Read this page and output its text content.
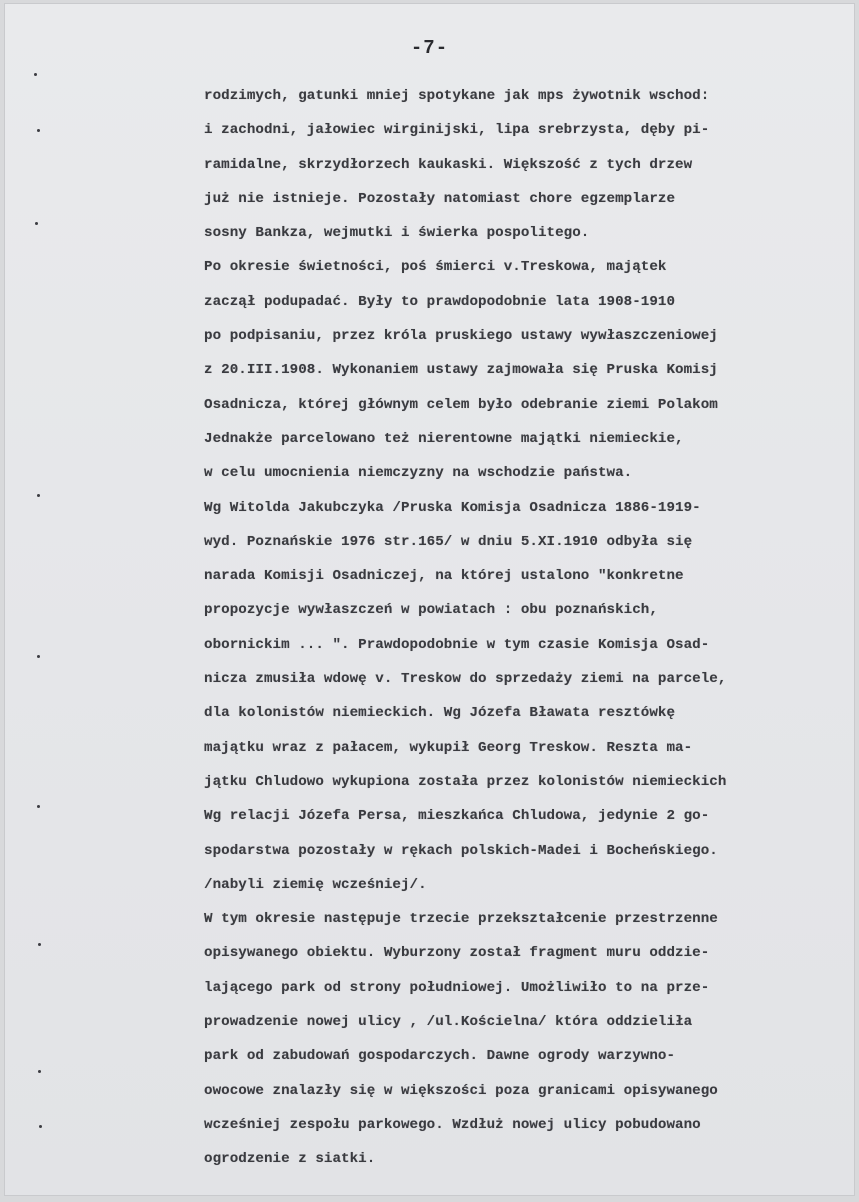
-7-
rodzimych, gatunki mniej spotykane jak mps żywotnik wschod:
i zachodni, jałowiec wirginijski, lipa srebrzysta, dęby pi-
ramidalne, skrzydłorzech kaukaski. Większość z tych drzew
już nie istnieje. Pozostały natomiast chore egzemplarze
sosny Bankza, wejmutki i świerka pospolitego.
Po okresie świetności, poś śmierci v.Treskowa, majątek
zaczął podupadać. Były to prawdopodobnie lata 1908-1910
po podpisaniu, przez króla pruskiego ustawy wywłaszczeniowej
z 20.III.1908. Wykonaniem ustawy zajmowała się Pruska Komisj
Osadnicza, której głównym celem było odebranie ziemi Polakom
Jednakże parcelowano też nierentowne majątki niemieckie,
w celu umocnienia niemczyzny na wschodzie państwa.
Wg Witolda Jakubczyka /Pruska Komisja Osadnicza 1886-1919-
wyd. Poznańskie 1976 str.165/ w dniu 5.XI.1910 odbyła się
narada Komisji Osadniczej, na której ustalono "konkretne
propozycje wywłaszczeń w powiatach : obu poznańskich,
obornickim ... ". Prawdopodobnie w tym czasie Komisja Osad-
nicza zmusiła wdowę v. Treskow do sprzedaży ziemi na parcele,
dla kolonistów niemieckich. Wg Józefa Bławata resztówkę
majątku wraz z pałacem, wykupił Georg Treskow. Reszta ma-
jątku Chludowo wykupiona została przez kolonistów niemieckich
Wg relacji Józefa Persa, mieszkańca Chludowa, jedynie 2 go-
spodarstwa pozostały w rękach polskich-Madei i Bocheńskiego.
/nabyli ziemię wcześniej/.
W tym okresie następuje trzecie przekształcenie przestrzenne
opisywanego obiektu. Wyburzony został fragment muru oddzie-
lającego park od strony południowej. Umożliwiło to na prze-
prowadzenie nowej ulicy , /ul.Kościelna/ która oddzieliła
park od zabudowań gospodarczych. Dawne ogrody warzywno-
owocowe znalazły się w większości poza granicami opisywanego
wcześniej zespołu parkowego. Wzdłuż nowej ulicy pobudowano
ogrodzenie z siatki.
